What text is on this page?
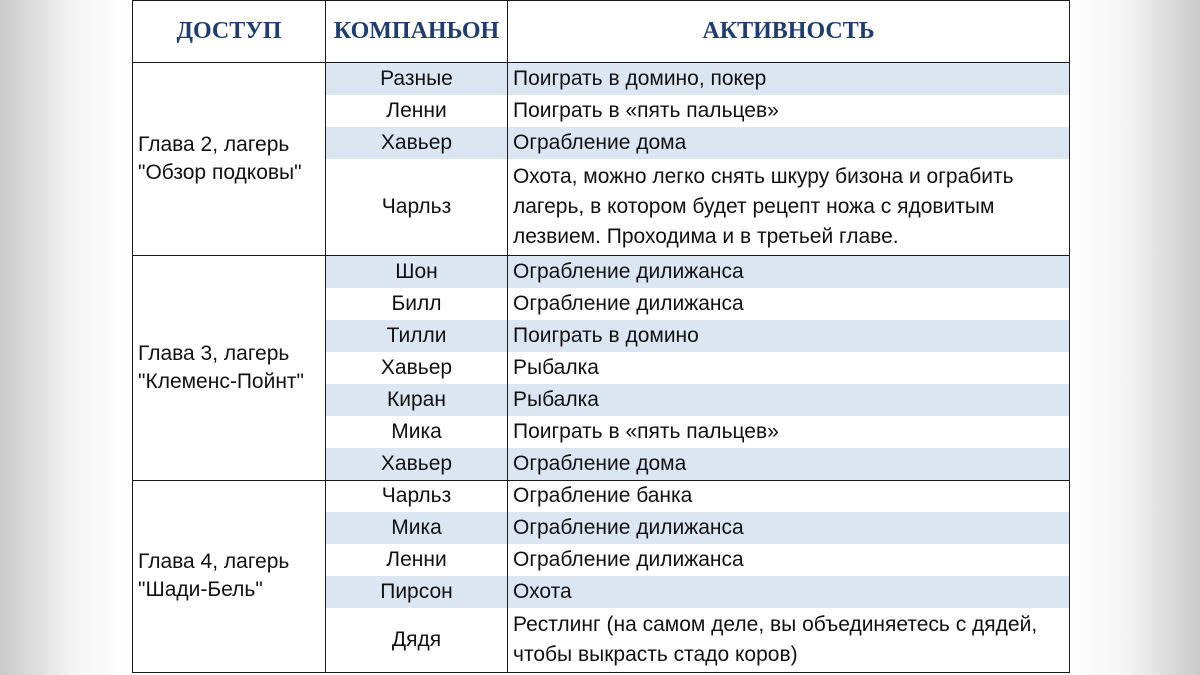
ДОСТУП	КОМПАНЬОН	АКТИВНОСТЬ

Глава 2, лагерь
"Обзор подковы"	Разные	Поиграть в домино, покер
	Ленни	Поиграть в «пять пальцев»
	Хавьер	Ограбление дома
	Чарльз	Охота, можно легко снять шкуру бизона и ограбить лагерь, в котором будет рецепт ножа с ядовитым лезвием. Проходима и в третьей главе.

Глава 3, лагерь
"Клеменс-Пойнт"	Шон	Ограбление дилижанса
	Билл	Ограбление дилижанса
	Тилли	Поиграть в домино
	Хавьер	Рыбалка
	Киран	Рыбалка
	Мика	Поиграть в «пять пальцев»
	Хавьер	Ограбление дома

Глава 4, лагерь
"Шади-Бель"	Чарльз	Ограбление банка
	Мика	Ограбление дилижанса
	Ленни	Ограбление дилижанса
	Пирсон	Охота
	Дядя	Рестлинг (на самом деле, вы объединяетесь с дядей, чтобы выкрасть стадо коров)
